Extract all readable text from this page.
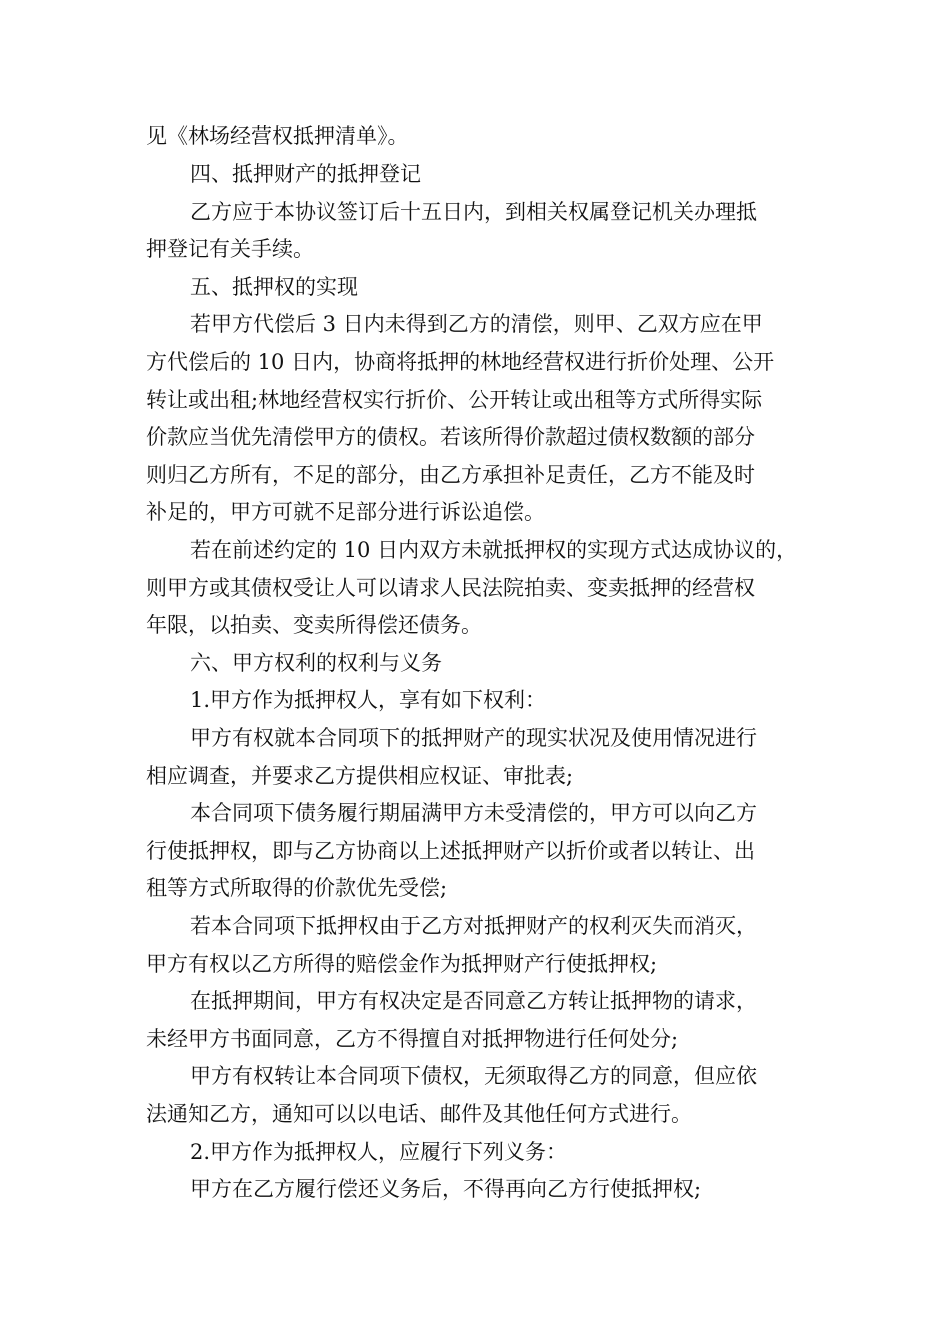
见《林场经营权抵押清单》。
四、抵押财产的抵押登记
乙方应于本协议签订后十五日内，到相关权属登记机关办理抵
押登记有关手续。
五、抵押权的实现
若甲方代偿后 3 日内未得到乙方的清偿，则甲、乙双方应在甲
方代偿后的 10 日内，协商将抵押的林地经营权进行折价处理、公开
转让或出租;林地经营权实行折价、公开转让或出租等方式所得实际
价款应当优先清偿甲方的债权。若该所得价款超过债权数额的部分
则归乙方所有，不足的部分，由乙方承担补足责任，乙方不能及时
补足的，甲方可就不足部分进行诉讼追偿。
若在前述约定的 10 日内双方未就抵押权的实现方式达成协议的，
则甲方或其债权受让人可以请求人民法院拍卖、变卖抵押的经营权
年限，以拍卖、变卖所得偿还债务。
六、甲方权利的权利与义务
1.甲方作为抵押权人，享有如下权利：
甲方有权就本合同项下的抵押财产的现实状况及使用情况进行
相应调查，并要求乙方提供相应权证、审批表;
本合同项下债务履行期届满甲方未受清偿的，甲方可以向乙方
行使抵押权，即与乙方协商以上述抵押财产以折价或者以转让、出
租等方式所取得的价款优先受偿;
若本合同项下抵押权由于乙方对抵押财产的权利灭失而消灭，
甲方有权以乙方所得的赔偿金作为抵押财产行使抵押权;
在抵押期间，甲方有权决定是否同意乙方转让抵押物的请求，
未经甲方书面同意，乙方不得擅自对抵押物进行任何处分;
甲方有权转让本合同项下债权，无须取得乙方的同意，但应依
法通知乙方，通知可以以电话、邮件及其他任何方式进行。
2.甲方作为抵押权人，应履行下列义务：
甲方在乙方履行偿还义务后，不得再向乙方行使抵押权;
